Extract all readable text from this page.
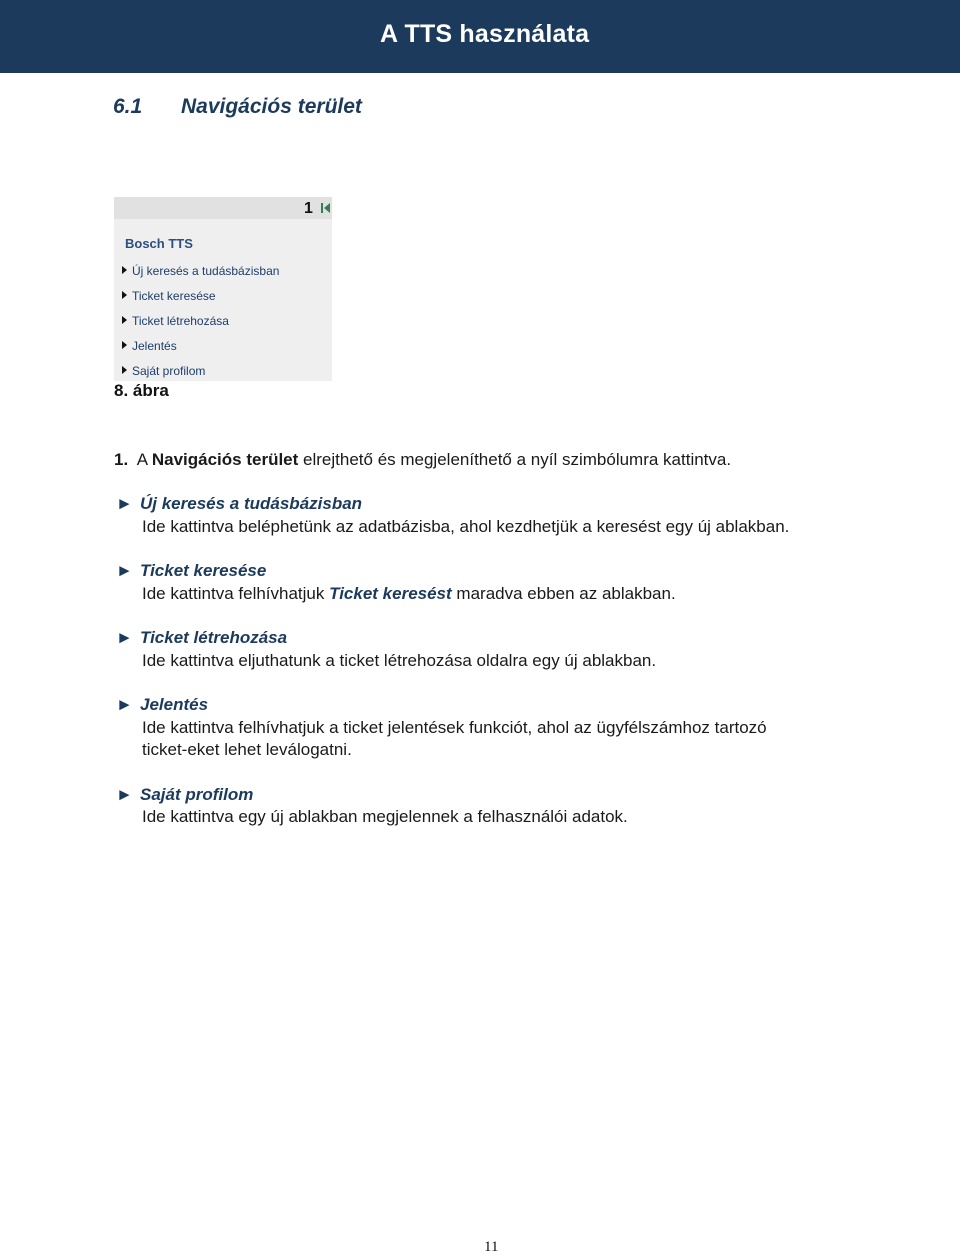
A TTS használata
6.1 Navigációs terület
1
Bosch TTS
Új keresés a tudásbázisban
Ticket keresése
Ticket létrehozása
Jelentés
Saját profilom
8. ábra
1. A Navigációs terület elrejthető és megjeleníthető a nyíl szimbólumra kattintva.
► Új keresés a tudásbázisban
Ide kattintva beléphetünk az adatbázisba, ahol kezdhetjük a keresést egy új ablakban.
► Ticket keresése
Ide kattintva felhívhatjuk Ticket keresést maradva ebben az ablakban.
► Ticket létrehozása
Ide kattintva eljuthatunk a ticket létrehozása oldalra egy új ablakban.
► Jelentés
Ide kattintva felhívhatjuk a ticket jelentések funkciót, ahol az ügyfélszámhoz tartozó
ticket-eket lehet leválogatni.
► Saját profilom
Ide kattintva egy új ablakban megjelennek a felhasználói adatok.
11
